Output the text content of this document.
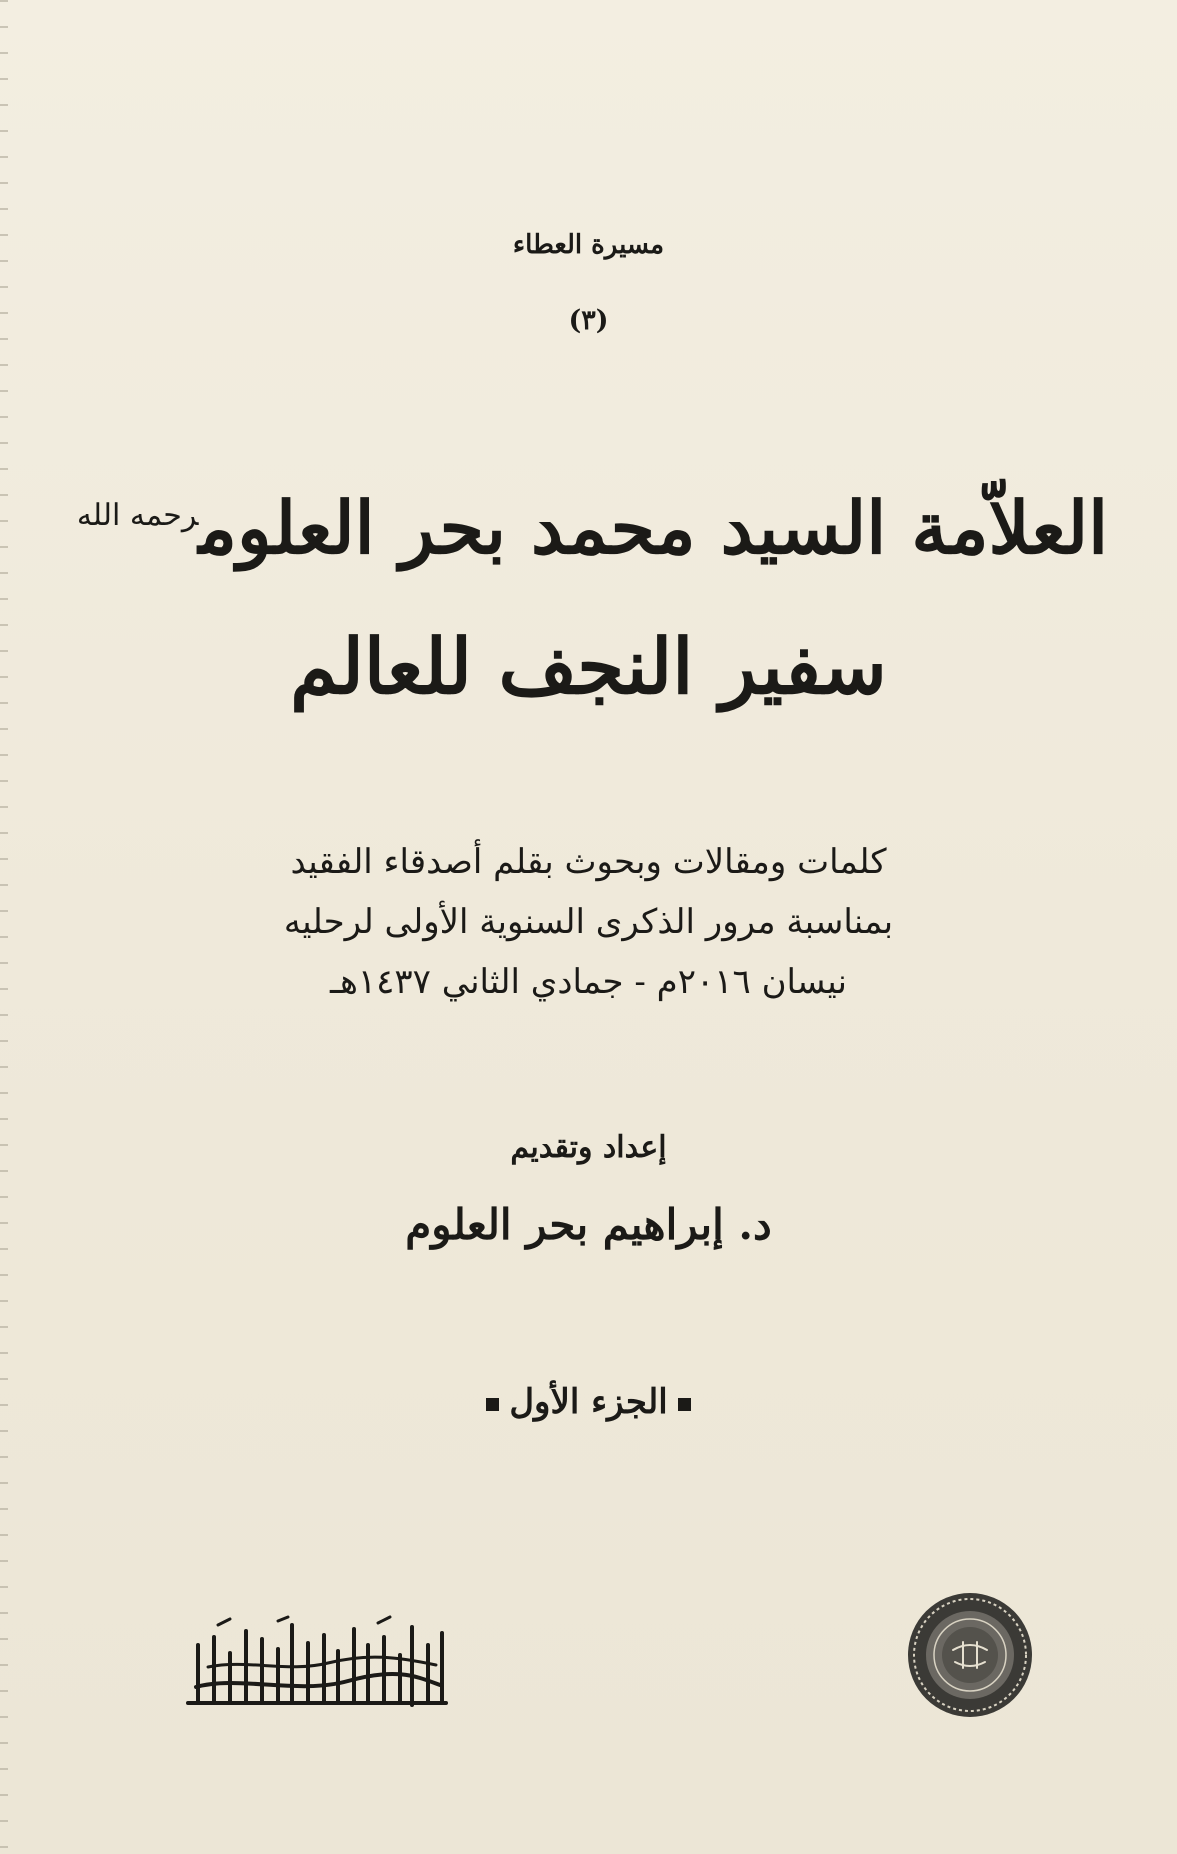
مسيرة العطاء
(٣)
العلاّمة السيد محمد بحر العلوم$^{رحمه الله}$
سفير النجف للعالم
كلمات ومقالات وبحوث بقلم أصدقاء الفقيد
بمناسبة مرور الذكرى السنوية الأولى لرحليه
نيسان ٢٠١٦م - جمادي الثاني ١٤٣٧هـ
إعداد وتقديم
د. إبراهيم بحر العلوم
الجزء الأول
